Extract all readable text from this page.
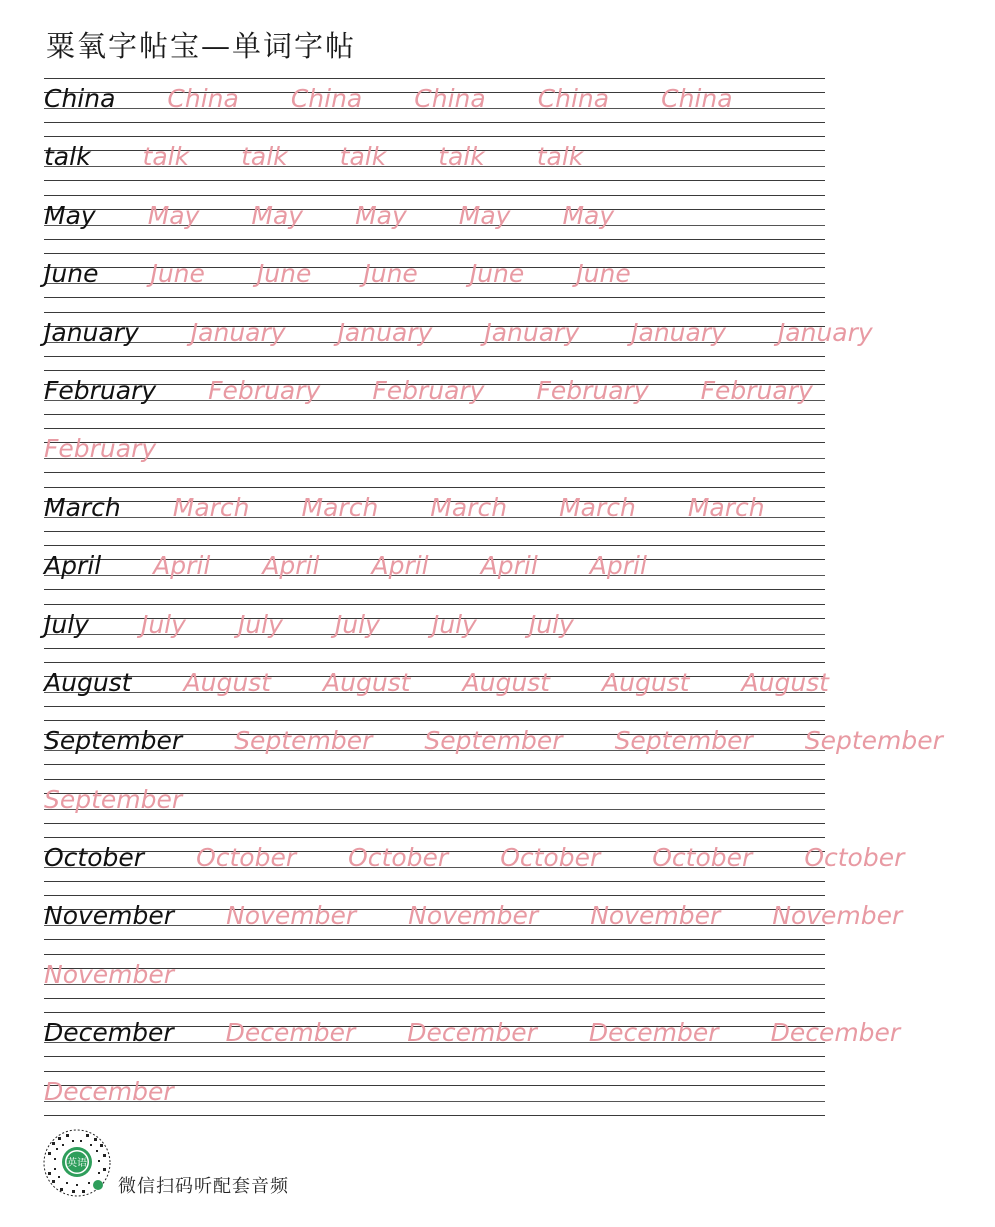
粟氧字帖宝—单词字帖
China China China China China China
talk talk talk talk talk talk
May May May May May May
June June June June June June
January January January January January January
February February February February February
February
March March March March March March
April April April April April April
July July July July July July
August August August August August August
September September September September September
September
October October October October October October
November November November November November
November
December December December December December
December
英语
微信扫码听配套音频
